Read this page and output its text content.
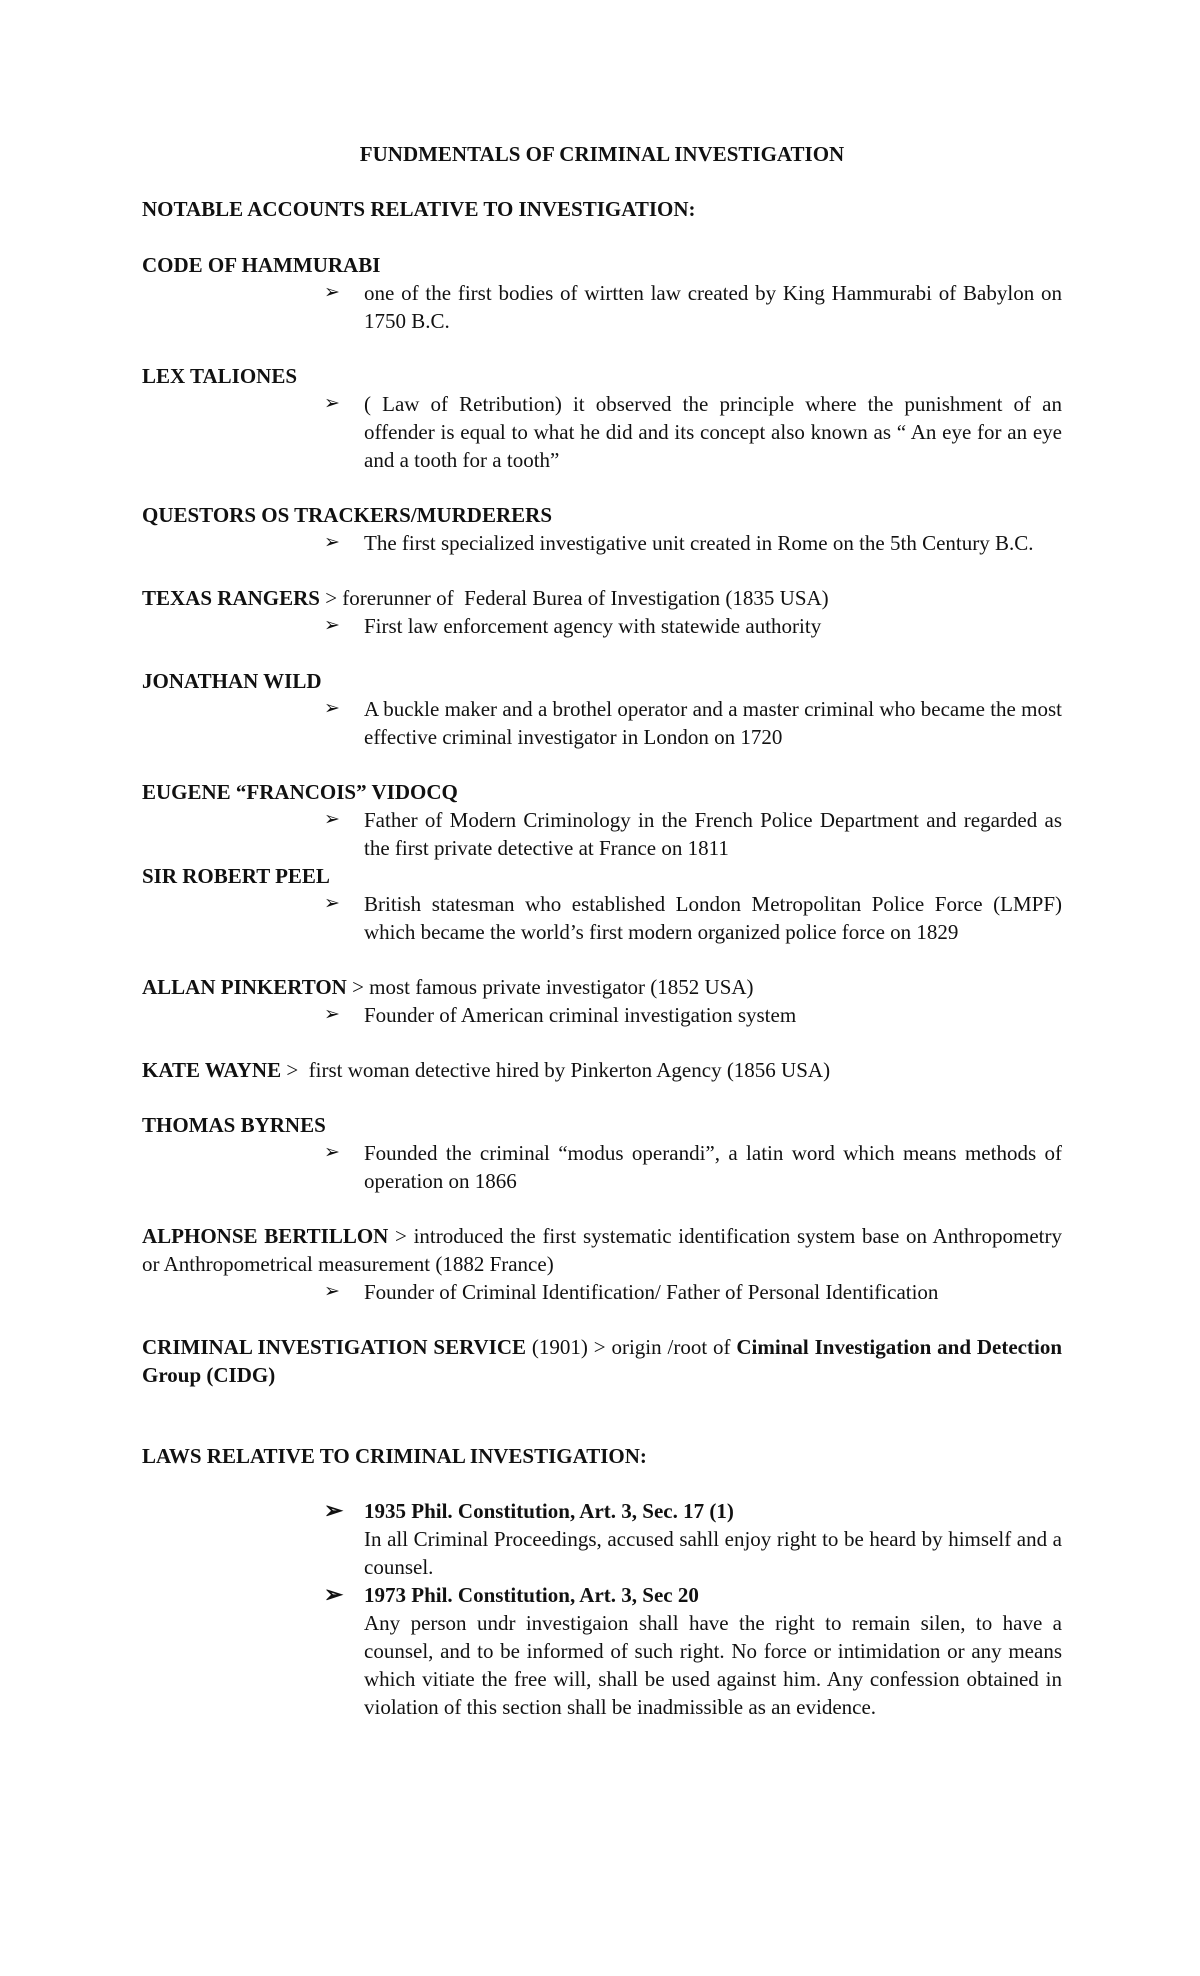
FUNDMENTALS OF CRIMINAL INVESTIGATION
NOTABLE ACCOUNTS RELATIVE TO INVESTIGATION:

CODE OF HAMMURABI

➢ one of the first bodies of wirtten law created by King Hammurabi of Babylon on 1750 B.C.

LEX TALIONES

➢ ( Law of Retribution) it observed the principle where the punishment of an offender is equal to what he did and its concept also known as “ An eye for an eye and a tooth for a tooth”

QUESTORS OS TRACKERS/MURDERERS

➢ The first specialized investigative unit created in Rome on the 5th Century B.C.

TEXAS RANGERS > forerunner of  Federal Burea of Investigation (1835 USA)

➢ First law enforcement agency with statewide authority

JONATHAN WILD

➢ A buckle maker and a brothel operator and a master criminal who became the most effective criminal investigator in London on 1720

EUGENE “FRANCOIS” VIDOCQ

➢ Father of Modern Criminology in the French Police Department and regarded as the first private detective at France on 1811

SIR ROBERT PEEL

➢ British statesman who established London Metropolitan Police Force (LMPF) which became the world’s first modern organized police force on 1829

ALLAN PINKERTON > most famous private investigator (1852 USA)

➢ Founder of American criminal investigation system

KATE WAYNE >  first woman detective hired by Pinkerton Agency (1856 USA)

THOMAS BYRNES

➢ Founded the criminal “modus operandi”, a latin word which means methods of operation on 1866

ALPHONSE BERTILLON > introduced the first systematic identification system base on Anthropometry or Anthropometrical measurement (1882 France)

➢ Founder of Criminal Identification/ Father of Personal Identification

CRIMINAL INVESTIGATION SERVICE (1901) > origin /root of Ciminal Investigation and Detection Group (CIDG)

LAWS RELATIVE TO CRIMINAL INVESTIGATION:
➢ 1935 Phil. Constitution, Art. 3, Sec. 17 (1)
In all Criminal Proceedings, accused sahll enjoy right to be heard by himself and a counsel.
➢ 1973 Phil. Constitution, Art. 3, Sec 20
Any person undr investigaion shall have the right to remain silen, to have a counsel, and to be informed of such right. No force or intimidation or any means which vitiate the free will, shall be used against him. Any confession obtained in violation of this section shall be inadmissible as an evidence.
